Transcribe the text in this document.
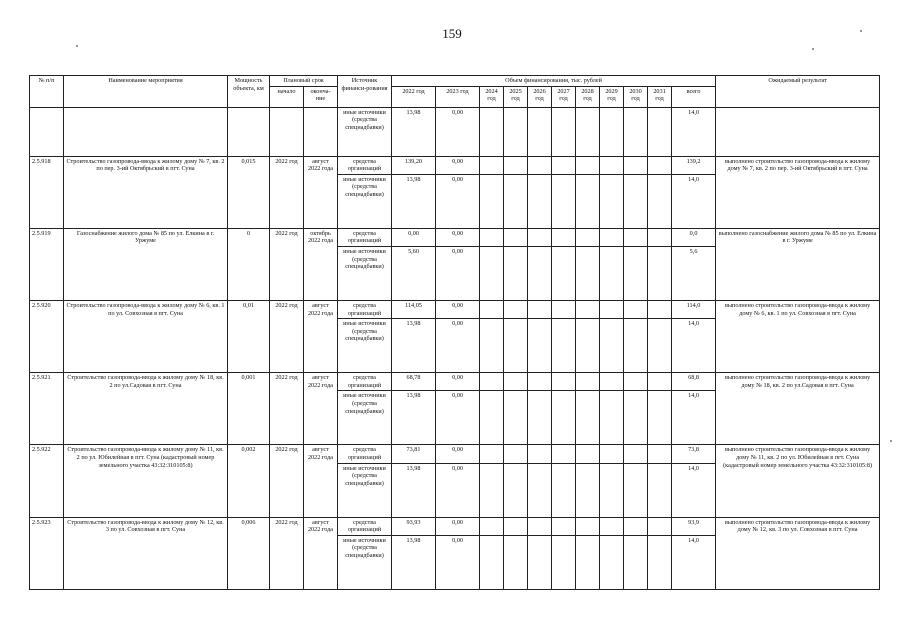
159
№ п/п	Наименование мероприятия	Мощность объекта, км	Плановый срок		Источник финанси-рования	Объем финансирования, тыс. рублей											Ожидаемый результат
			начало	оконча-ние		2022 год	2023 год	2024 год	2025 год	2026 год	2027 год	2028 год	2029 год	2030 год	2031 год	всего	
					иные источники (средства спецнадбавки)	13,98	0,00									14,0	
2.5.918	Строительство газопровода-ввода к жилому дому № 7, кв. 2 по пер. 3-ий Октябрьский в пгт. Суна	0,015	2022 год	август 2022 года	средства организаций	139,20	0,00									139,2	выполнено строительство газопровода-ввода к жилому дому № 7, кв. 2 по пер. 3-ий Октябрьский в пгт. Суна
					иные источники (средства спецнадбавки)	13,98	0,00									14,0	
2.5.919	Газоснабжение жилого дома № 85 по ул. Елкина в г. Уржуме	0	2022 год	октябрь 2022 года	средства организаций	0,00	0,00									0,0	выполнено газоснабжение жилого дома № 85 по ул. Елкина в г. Уржуме
					иные источники (средства спецнадбавки)	5,60	0,00									5,6	
2.5.920	Строительство газопровода-ввода к жилому дому № 6, кв. 1 по ул. Совхозная в пгт. Суна	0,01	2022 год	август 2022 года	средства организаций	114,05	0,00									114,0	выполнено строительство газопровода-ввода к жилому дому № 6, кв. 1 по ул. Совхозная в пгт. Суна
					иные источники (средства спецнадбавки)	13,98	0,00									14,0	
2.5.921	Строительство газопровода-ввода к жилому дому № 18, кв. 2 по ул.Садовая в пгт. Суна	0,001	2022 год	август 2022 года	средства организаций	68,78	0,00									68,8	выполнено строительство газопровода-ввода к жилому дому № 18, кв. 2 по ул.Садовая в пгт. Суна
					иные источники (средства спецнадбавки)	13,98	0,00									14,0	
2.5.922	Строительство газопровода-ввода к жилому дому № 11, кв. 2 по ул. Юбилейная в пгт. Суна (кадастровый номер земельного участка 43:32:310105:8)	0,002	2022 год	август 2022 года	средства организаций	73,81	0,00									73,8	выполнено строительство газопровода-ввода к жилому дому № 11, кв. 2 по ул. Юбилейная в пгт. Суна (кадастровый номер земельного участка 43:32:310105:8)
					иные источники (средства спецнадбавки)	13,98	0,00									14,0	
2.5.923	Строительство газопровода-ввода к жилому дому № 12, кв. 3 по ул. Совхозная в пгт. Суна	0,006	2022 год	август 2022 года	средства организаций	93,93	0,00									93,9	выполнено строительство газопровода-ввода к жилому дому № 12, кв. 3 по ул. Совхозная в пгт. Суна
					иные источники (средства спецнадбавки)	13,98	0,00									14,0	
